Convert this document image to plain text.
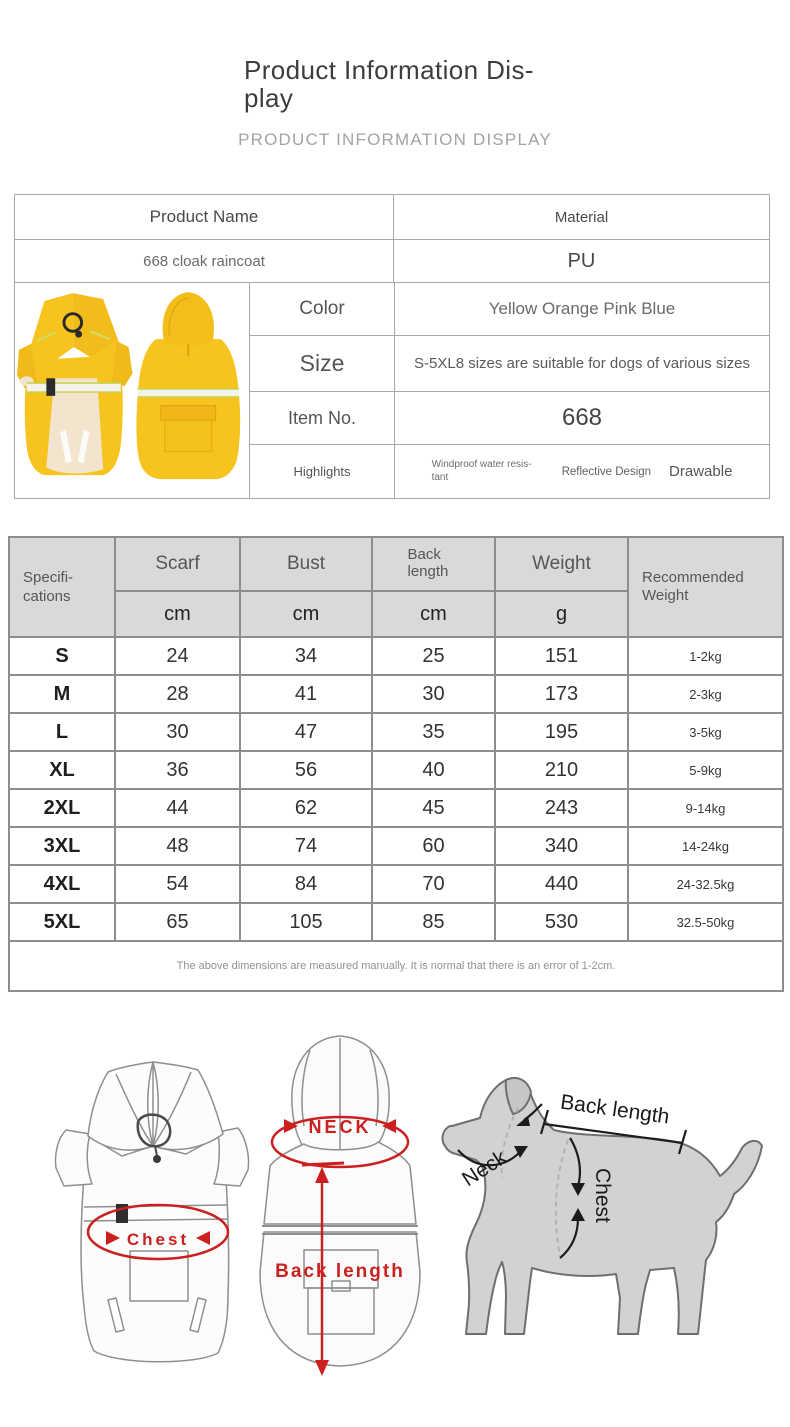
Product Information Dis-
play
PRODUCT INFORMATION DISPLAY
Product Name	Material
668 cloak raincoat	PU
Color	Yellow Orange Pink Blue
Size	S-5XL8 sizes are suitable for dogs of various sizes
Item No.	668
Highlights	Windproof water resis-tant	Reflective Design Drawable
Specifi-cations	Scarf	Bust	Back length	Weight	Recommended Weight
	cm	cm	cm	g	
S	24	34	25	151	1-2kg
M	28	41	30	173	2-3kg
L	30	47	35	195	3-5kg
XL	36	56	40	210	5-9kg
2XL	44	62	45	243	9-14kg
3XL	48	74	60	340	14-24kg
4XL	54	84	70	440	24-32.5kg
5XL	65	105	85	530	32.5-50kg
The above dimensions are measured manually. It is normal that there is an error of 1-2cm.					
Chest
NECK
Back length
Back length
Neck	Chest
